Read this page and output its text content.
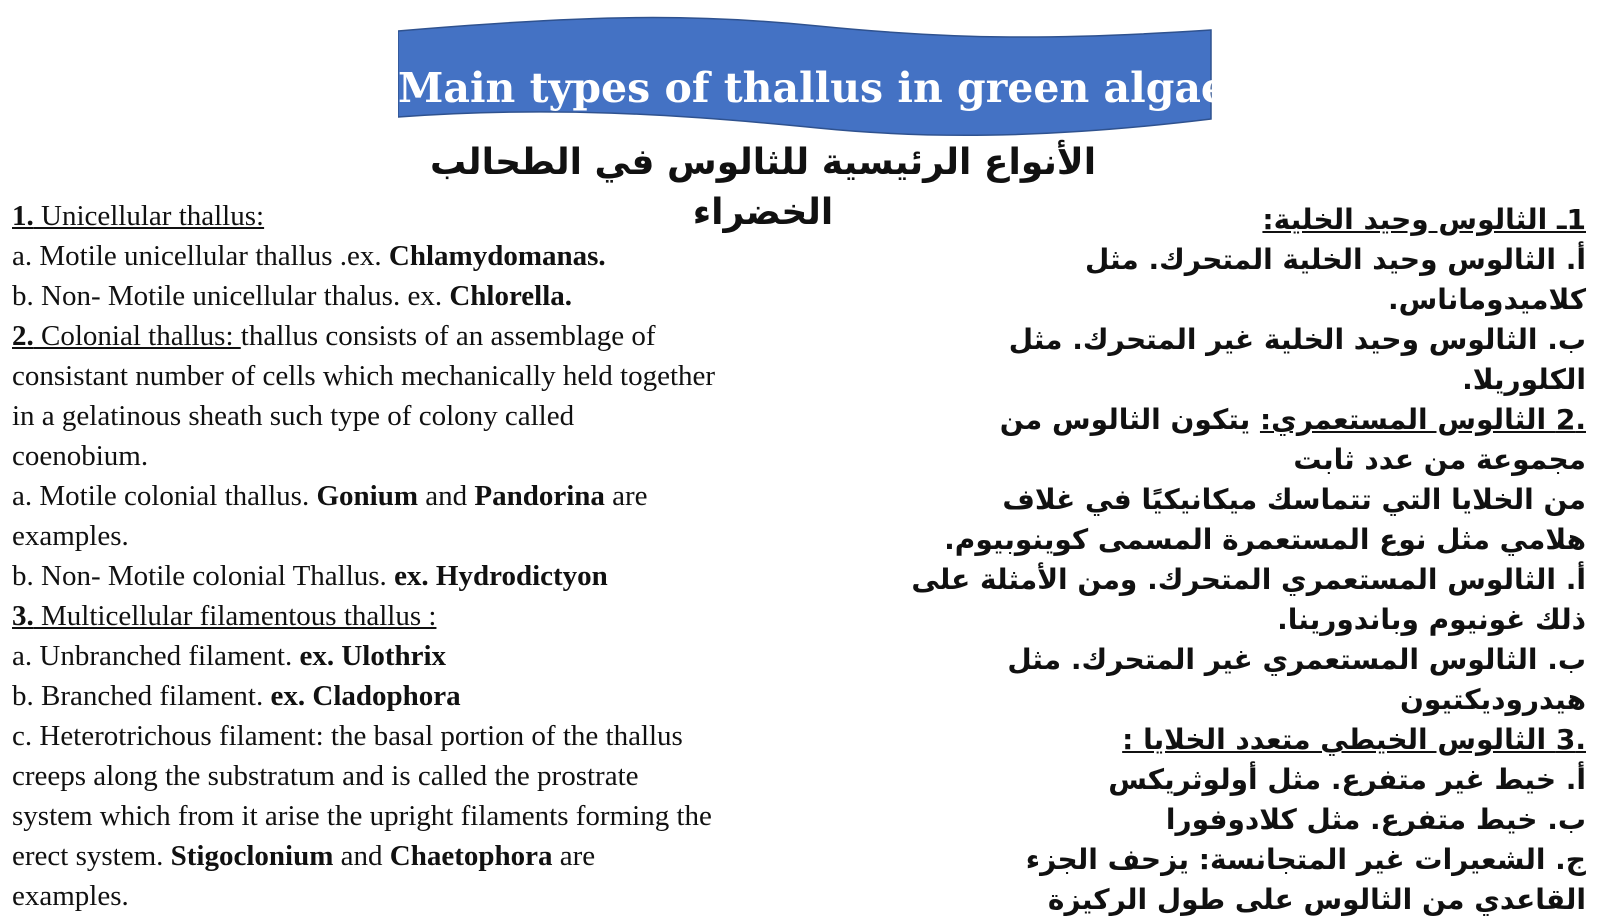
Main types of thallus in green algae
الأنواع الرئيسية للثالوس في الطحالب الخضراء
1. Unicellular thallus:
a. Motile unicellular thallus .ex. Chlamydomanas.
b. Non- Motile unicellular thalus. ex. Chlorella.
2. Colonial thallus: thallus consists of an assemblage of
consistant number of cells which mechanically held together
in a gelatinous sheath such type of colony called
coenobium.
a. Motile colonial thallus. Gonium and Pandorina are
examples.
b. Non- Motile colonial Thallus. ex. Hydrodictyon
3. Multicellular filamentous thallus :
a. Unbranched filament. ex. Ulothrix
b. Branched filament. ex. Cladophora
c. Heterotrichous filament: the basal portion of the thallus
creeps along the substratum and is called the prostrate
system which from it arise the upright filaments forming the
erect system. Stigoclonium and Chaetophora are
examples.
1ـ الثالوس وحيد الخلية:
أ. الثالوس وحيد الخلية المتحرك. مثل
كلاميدوماناس.
ب. الثالوس وحيد الخلية غير المتحرك. مثل
الكلوريلا.
.2 الثالوس المستعمري: يتكون الثالوس من
مجموعة من عدد ثابت
من الخلايا التي تتماسك ميكانيكيًا في غلاف
هلامي مثل نوع المستعمرة المسمى كوينوبيوم.
أ. الثالوس المستعمري المتحرك. ومن الأمثلة على
ذلك غونيوم وباندورينا.
ب. الثالوس المستعمري غير المتحرك. مثل
هيدروديكتيون
.3 الثالوس الخيطي متعدد الخلايا :
أ. خيط غير متفرع. مثل أولوثريكس
ب. خيط متفرع. مثل كلادوفورا
ج. الشعيرات غير المتجانسة: يزحف الجزء
القاعدي من الثالوس على طول الركيزة
